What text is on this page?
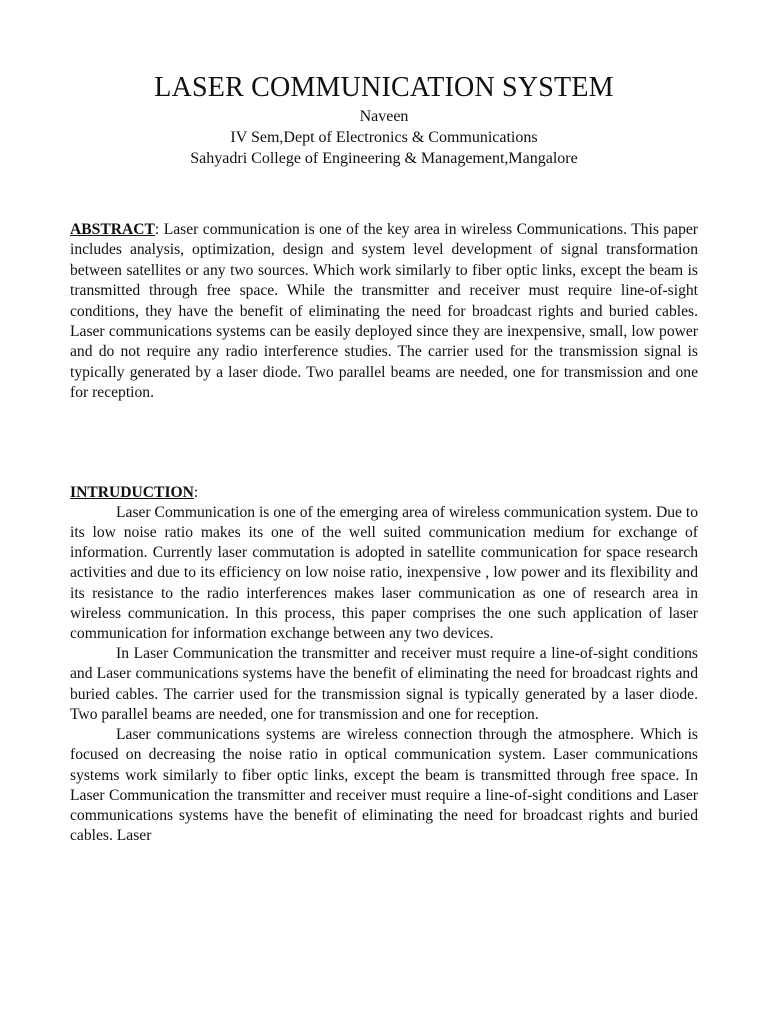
LASER COMMUNICATION SYSTEM
Naveen
IV Sem,Dept of Electronics & Communications
Sahyadri College of Engineering & Management,Mangalore
ABSTRACT: Laser communication is one of the key area in wireless Communications. This paper includes analysis, optimization, design and system level development of signal transformation between satellites or any two sources. Which work similarly to fiber optic links, except the beam is transmitted through free space. While the transmitter and receiver must require line-of-sight conditions, they have the benefit of eliminating the need for broadcast rights and buried cables. Laser communications systems can be easily deployed since they are inexpensive, small, low power and do not require any radio interference studies. The carrier used for the transmission signal is typically generated by a laser diode. Two parallel beams are needed, one for transmission and one for reception.

INTRUDUCTION:

Laser Communication is one of the emerging area of wireless communication system. Due to its low noise ratio makes its one of the well suited communication medium for exchange of information. Currently laser commutation is adopted in satellite communication for space research activities and due to its efficiency on low noise ratio, inexpensive , low power and its flexibility and its resistance to the radio interferences makes laser communication as one of research area in wireless communication. In this process, this paper comprises the one such application of laser communication for information exchange between any two devices.

In Laser Communication the transmitter and receiver must require a line-of-sight conditions and Laser communications systems have the benefit of eliminating the need for broadcast rights and buried cables. The carrier used for the transmission signal is typically generated by a laser diode. Two parallel beams are needed, one for transmission and one for reception.

Laser communications systems are wireless connection through the atmosphere. Which is focused on decreasing the noise ratio in optical communication system. Laser communications systems work similarly to fiber optic links, except the beam is transmitted through free space. In Laser Communication the transmitter and receiver must require a line-of-sight conditions and Laser communications systems have the benefit of eliminating the need for broadcast rights and buried cables. Laser
